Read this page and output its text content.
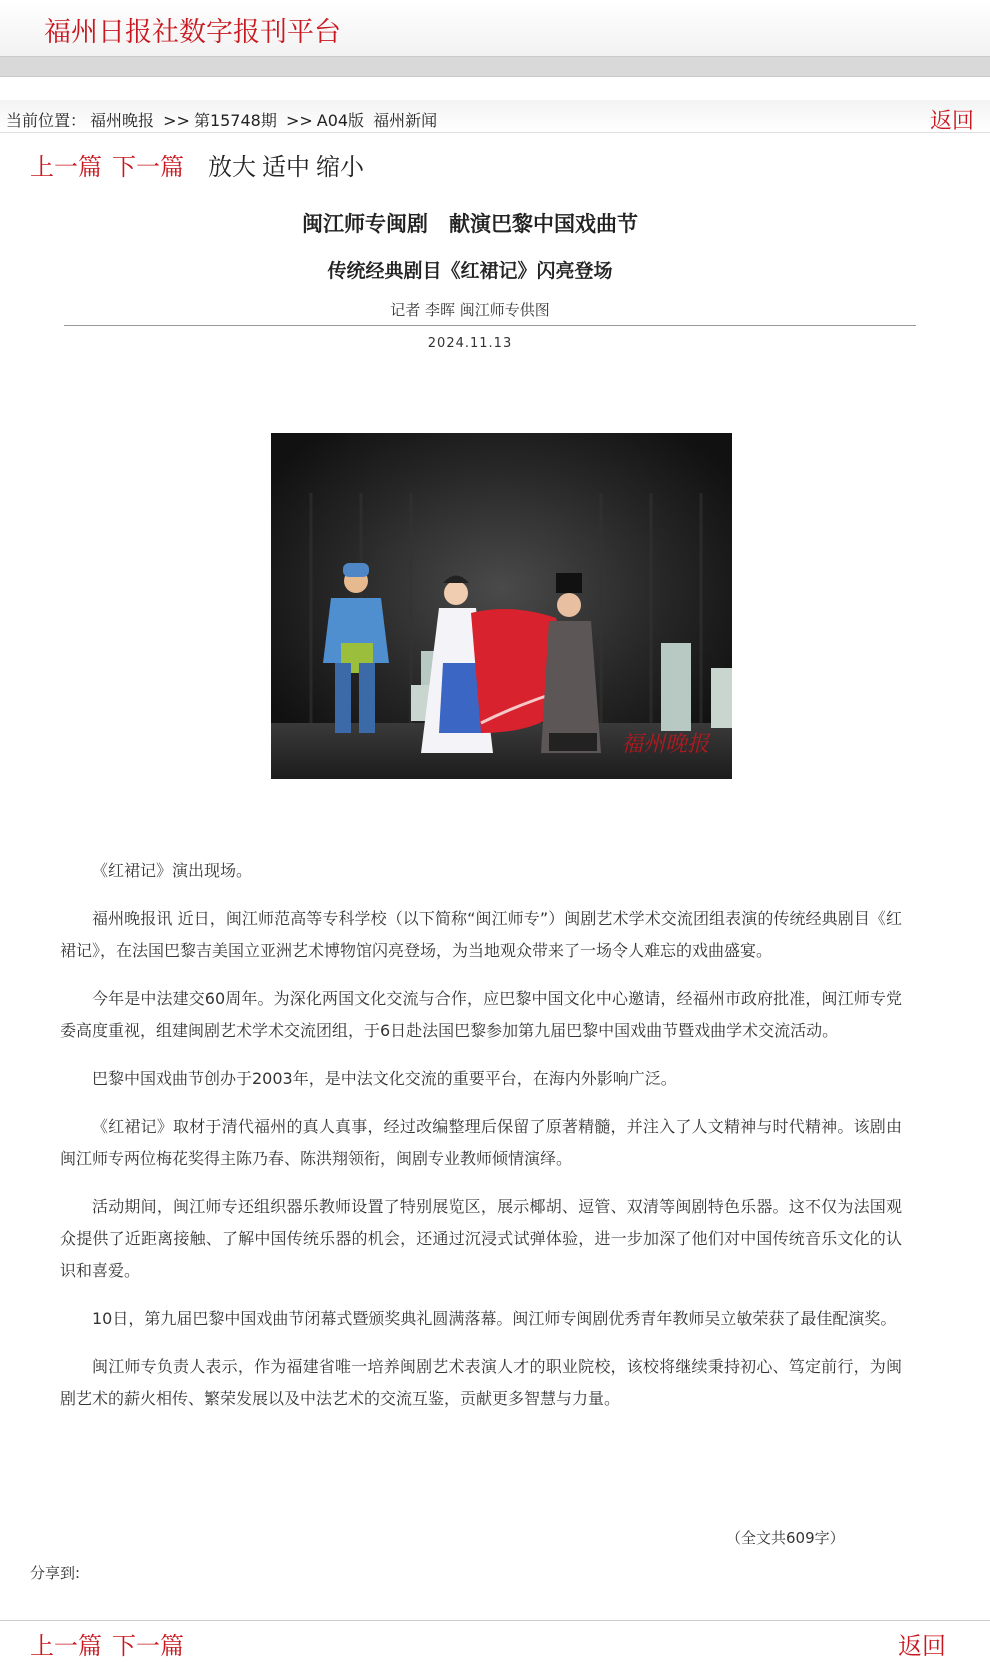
福州日报社数字报刊平台
当前位置： 福州晚报 >> 第15748期 >> A04版 福州新闻	返回
上一篇 下一篇 放大 适中 缩小
闽江师专闽剧　献演巴黎中国戏曲节
传统经典剧目《红裙记》闪亮登场
记者 李晖 闽江师专供图
2024.11.13
福州晚报

《红裙记》演出现场。

福州晚报讯 近日，闽江师范高等专科学校（以下简称“闽江师专”）闽剧艺术学术交流团组表演的传统经典剧目《红裙记》，在法国巴黎吉美国立亚洲艺术博物馆闪亮登场，为当地观众带来了一场令人难忘的戏曲盛宴。

今年是中法建交60周年。为深化两国文化交流与合作，应巴黎中国文化中心邀请，经福州市政府批准，闽江师专党委高度重视，组建闽剧艺术学术交流团组，于6日赴法国巴黎参加第九届巴黎中国戏曲节暨戏曲学术交流活动。

巴黎中国戏曲节创办于2003年，是中法文化交流的重要平台，在海内外影响广泛。

《红裙记》取材于清代福州的真人真事，经过改编整理后保留了原著精髓，并注入了人文精神与时代精神。该剧由闽江师专两位梅花奖得主陈乃春、陈洪翔领衔，闽剧专业教师倾情演绎。

活动期间，闽江师专还组织器乐教师设置了特别展览区，展示椰胡、逗管、双清等闽剧特色乐器。这不仅为法国观众提供了近距离接触、了解中国传统乐器的机会，还通过沉浸式试弹体验，进一步加深了他们对中国传统音乐文化的认识和喜爱。

10日，第九届巴黎中国戏曲节闭幕式暨颁奖典礼圆满落幕。闽江师专闽剧优秀青年教师吴立敏荣获了最佳配演奖。

闽江师专负责人表示，作为福建省唯一培养闽剧艺术表演人才的职业院校，该校将继续秉持初心、笃定前行，为闽剧艺术的薪火相传、繁荣发展以及中法艺术的交流互鉴，贡献更多智慧与力量。

（全文共609字）
分享到:
上一篇 下一篇	返回
